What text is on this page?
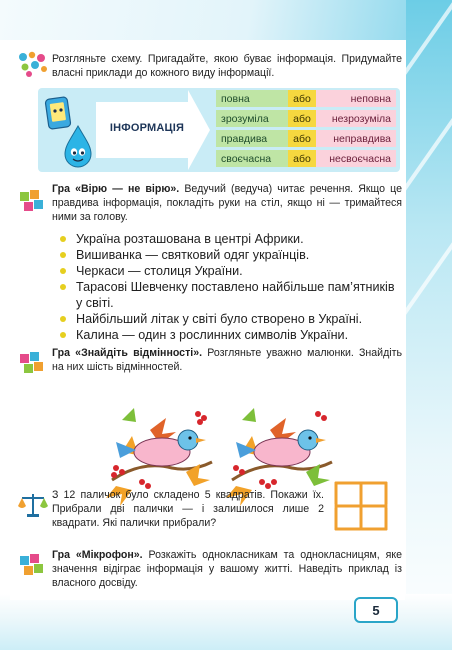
Розгляньте схему. Пригадайте, якою буває інформація. Придумайте власні приклади до кожного виду інформації.
ІНФОРМАЦІЯ
повна	або	неповна
зрозуміла	або	незрозуміла
правдива	або	неправдива
своєчасна	або	несвоєчасна
Гра «Вірю — не вірю». Ведучий (ведуча) читає речення. Якщо це правдива інформація, покладіть руки на стіл, якщо ні — тримайтеся ними за голову.
Україна розташована в центрі Африки.
Вишиванка — святковий одяг українців.
Черкаси — столиця України.
Тарасові Шевченку поставлено найбільше пам’ятників у світі.
Найбільший літак у світі було створено в Україні.
Калина — один з рослинних символів України.
Гра «Знайдіть відмінності». Розгляньте уважно малюнки. Знайдіть на них шість відмінностей.
З 12 паличок було складено 5 квадратів. Покажи їх. Прибрали дві палички — і залишилося лише 2 квадрати. Які палички прибрали?
Гра «Мікрофон». Розкажіть однокласникам та однокласницям, яке значення відіграє інформація у вашому житті. Наведіть приклад із власного досвіду.
5
